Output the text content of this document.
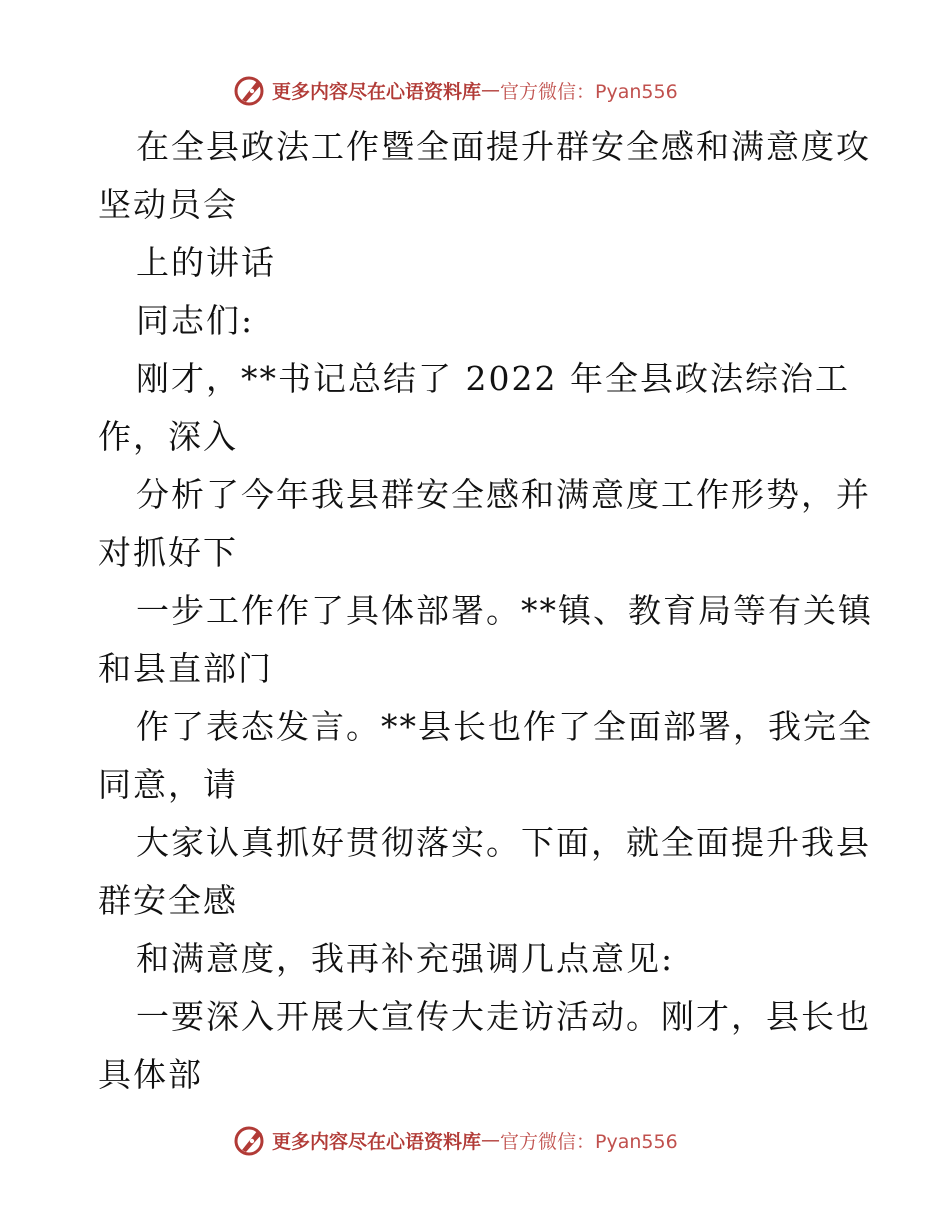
更多内容尽在心语资料库 — 官方微信：Pyan556
在全县政法工作暨全面提升群安全感和满意度攻
坚动员会
上的讲话
同志们:
刚才，**书记总结了 2022 年全县政法综治工
作，深入
分析了今年我县群安全感和满意度工作形势，并
对抓好下
一步工作作了具体部署。**镇、教育局等有关镇
和县直部门
作了表态发言。**县长也作了全面部署，我完全
同意，请
大家认真抓好贯彻落实。下面，就全面提升我县
群安全感
和满意度，我再补充强调几点意见:
一要深入开展大宣传大走访活动。刚才，县长也
具体部
更多内容尽在心语资料库 — 官方微信：Pyan556
